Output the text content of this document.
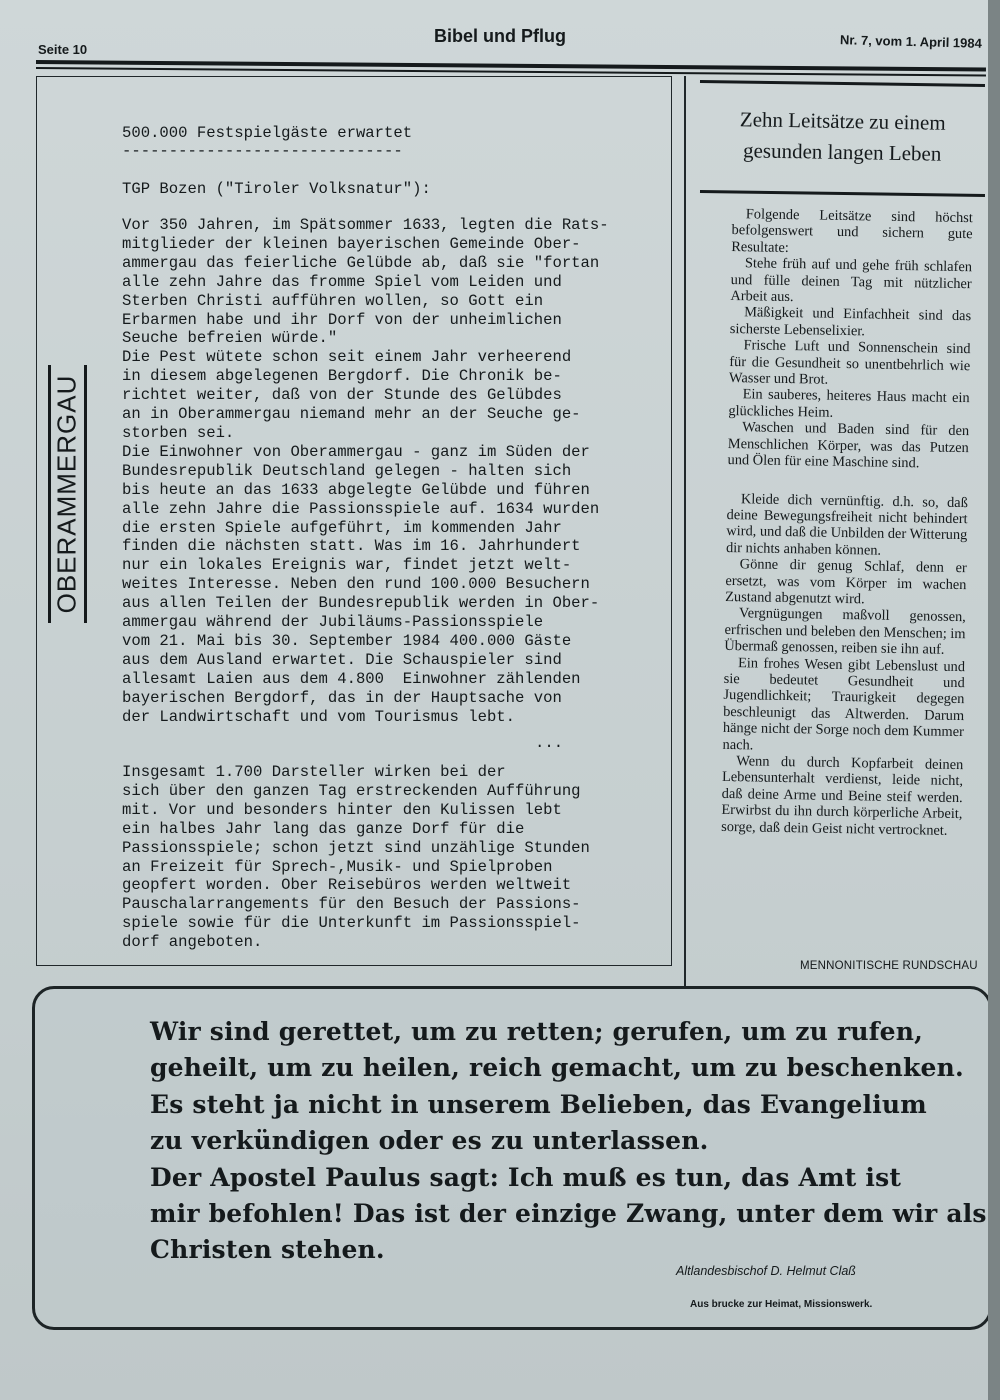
Seite 10
Bibel und Pflug	Nr. 7, vom 1. April 1984
OBERAMMERGAU
500.000 Festspielgäste erwartet
------------------------------
TGP Bozen ("Tiroler Volksnatur"):
Vor 350 Jahren, im Spätsommer 1633, legten die Rats-
mitglieder der kleinen bayerischen Gemeinde Ober-
ammergau das feierliche Gelübde ab, daß sie "fortan
alle zehn Jahre das fromme Spiel vom Leiden und
Sterben Christi aufführen wollen, so Gott ein
Erbarmen habe und ihr Dorf von der unheimlichen
Seuche befreien würde."
Die Pest wütete schon seit einem Jahr verheerend
in diesem abgelegenen Bergdorf. Die Chronik be-
richtet weiter, daß von der Stunde des Gelübdes
an in Oberammergau niemand mehr an der Seuche ge-
storben sei.
Die Einwohner von Oberammergau - ganz im Süden der
Bundesrepublik Deutschland gelegen - halten sich
bis heute an das 1633 abgelegte Gelübde und führen
alle zehn Jahre die Passionsspiele auf. 1634 wurden
die ersten Spiele aufgeführt, im kommenden Jahr
finden die nächsten statt. Was im 16. Jahrhundert
nur ein lokales Ereignis war, findet jetzt welt-
weites Interesse. Neben den rund 100.000 Besuchern
aus allen Teilen der Bundesrepublik werden in Ober-
ammergau während der Jubiläums-Passionsspiele
vom 21. Mai bis 30. September 1984 400.000 Gäste
aus dem Ausland erwartet. Die Schauspieler sind
allesamt Laien aus dem 4.800  Einwohner zählenden
bayerischen Bergdorf, das in der Hauptsache von
der Landwirtschaft und vom Tourismus lebt.
...
Insgesamt 1.700 Darsteller wirken bei der
sich über den ganzen Tag erstreckenden Aufführung
mit. Vor und besonders hinter den Kulissen lebt
ein halbes Jahr lang das ganze Dorf für die
Passionsspiele; schon jetzt sind unzählige Stunden
an Freizeit für Sprech-,Musik- und Spielproben
geopfert worden. Ober Reisebüros werden weltweit
Pauschalarrangements für den Besuch der Passions-
spiele sowie für die Unterkunft im Passionsspiel-
dorf angeboten.
Zehn Leitsätze zu einem
gesunden langen Leben

Folgende Leitsätze sind höchst befolgenswert und sichern gute Resultate:

Stehe früh auf und gehe früh schlafen und fülle deinen Tag mit nützlicher Arbeit aus.

Mäßigkeit und Einfachheit sind das sicherste Lebenselixier.

Frische Luft und Sonnenschein sind für die Gesundheit so unentbehrlich wie Wasser und Brot.

Ein sauberes, heiteres Haus macht ein glückliches Heim.

Waschen und Baden sind für den Menschlichen Körper, was das Putzen und Ölen für eine Maschine sind.

Kleide dich vernünftig. d.h. so, daß deine Bewegungsfreiheit nicht behindert wird, und daß die Unbilden der Witterung dir nichts anhaben können.

Gönne dir genug Schlaf, denn er ersetzt, was vom Körper im wachen Zustand abgenutzt wird.

Vergnügungen maßvoll genossen, erfrischen und beleben den Menschen; im Übermaß genossen, reiben sie ihn auf.

Ein frohes Wesen gibt Lebenslust und sie bedeutet Gesundheit und Jugendlichkeit; Traurigkeit degegen beschleunigt das Altwerden. Darum hänge nicht der Sorge noch dem Kummer nach.

Wenn du durch Kopfarbeit deinen Lebensunterhalt verdienst, leide nicht, daß deine Arme und Beine steif werden. Erwirbst du ihn durch körperliche Arbeit, sorge, daß dein Geist nicht vertrocknet.

MENNONITISCHE RUNDSCHAU
Wir sind gerettet, um zu retten; gerufen, um zu rufen,
geheilt, um zu heilen, reich gemacht, um zu beschenken.
Es steht ja nicht in unserem Belieben, das Evangelium
zu verkündigen oder es zu unterlassen.
Der Apostel Paulus sagt: Ich muß es tun, das Amt ist
mir befohlen! Das ist der einzige Zwang, unter dem wir als
Christen stehen.
Altlandesbischof D. Helmut Claß
Aus brucke zur Heimat, Missionswerk.
